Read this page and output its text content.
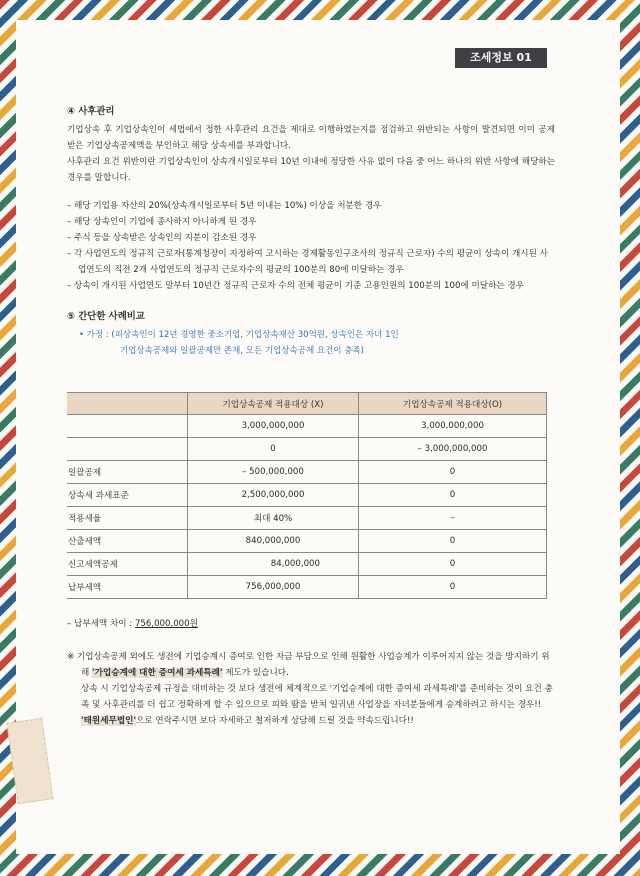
조세정보 01
④ 사후관리

기업상속 후 기업상속인이 세법에서 정한 사후관리 요건을 제대로 이행하였는지를 점검하고 위반되는 사항이 발견되면 이미 공제 받은 기업상속공제액을 부인하고 해당 상속세를 부과합니다.

사후관리 요건 위반이란 기업상속인이 상속개시일로부터 10년 이내에 정당한 사유 없이 다음 중 어느 하나의 위반 사항에 해당하는 경우를 말합니다.

– 해당 기업용 자산의 20%(상속개시일로부터 5년 이내는 10%) 이상을 처분한 경우
– 해당 상속인이 기업에 종사하지 아니하게 된 경우
– 주식 등을 상속받은 상속인의 지분이 감소된 경우
– 각 사업연도의 정규직 근로자(통계청장이 지정하여 고시하는 경제활동인구조사의 정규직 근로자) 수의 평균이 상속이 개시된 사업연도의 직전 2개 사업연도의 정규직 근로자수의 평균의 100분의 80에 미달하는 경우
– 상속이 개시된 사업연도 말부터 10년간 정규직 근로자 수의 전체 평균이 기준 고용인원의 100분의 100에 미달하는 경우
⑤ 간단한 사례비교
• 가정 : (피상속인이 12년 경영한 중소기업, 기업상속재산 30억원, 상속인은 자녀 1인
기업상속공제와 일괄공제만 존재, 모든 기업상속공제 요건이 충족)
	기업상속공제 적용대상 (X)	기업상속공제 적용대상(O)
	3,000,000,000	3,000,000,000
	0	– 3,000,000,000
일괄공제	– 500,000,000	0
상속세 과세표준	2,500,000,000	0
적용세율	최대 40%	–
산출세액	840,000,000	0
신고세액공제	84,000,000	0
납부세액	756,000,000	0
– 납부세액 차이 : 756,000,000원
※ 기업상속공제 외에도 생전에 기업승계시 증여로 인한 자금 부담으로 인해 원활한 사업승계가 이루어지지 않는 것을 방지하기 위해 '가업승계에 대한 증여세 과세특례' 제도가 있습니다.
상속 시 기업상속공제 규정을 대비하는 것 보다 생전에 체계적으로 '기업승계에 대한 증여세 과세특례'를 준비하는 것이 요건 충족 및 사후관리를 더 쉽고 정확하게 할 수 있으므로 피와 땀을 받쳐 일궈낸 사업장을 자녀분들에게 승계하려고 하시는 경우!!
'태원세무법인'으로 연락주시면 보다 자세하고 철저하게 상담해 드릴 것을 약속드립니다!!
